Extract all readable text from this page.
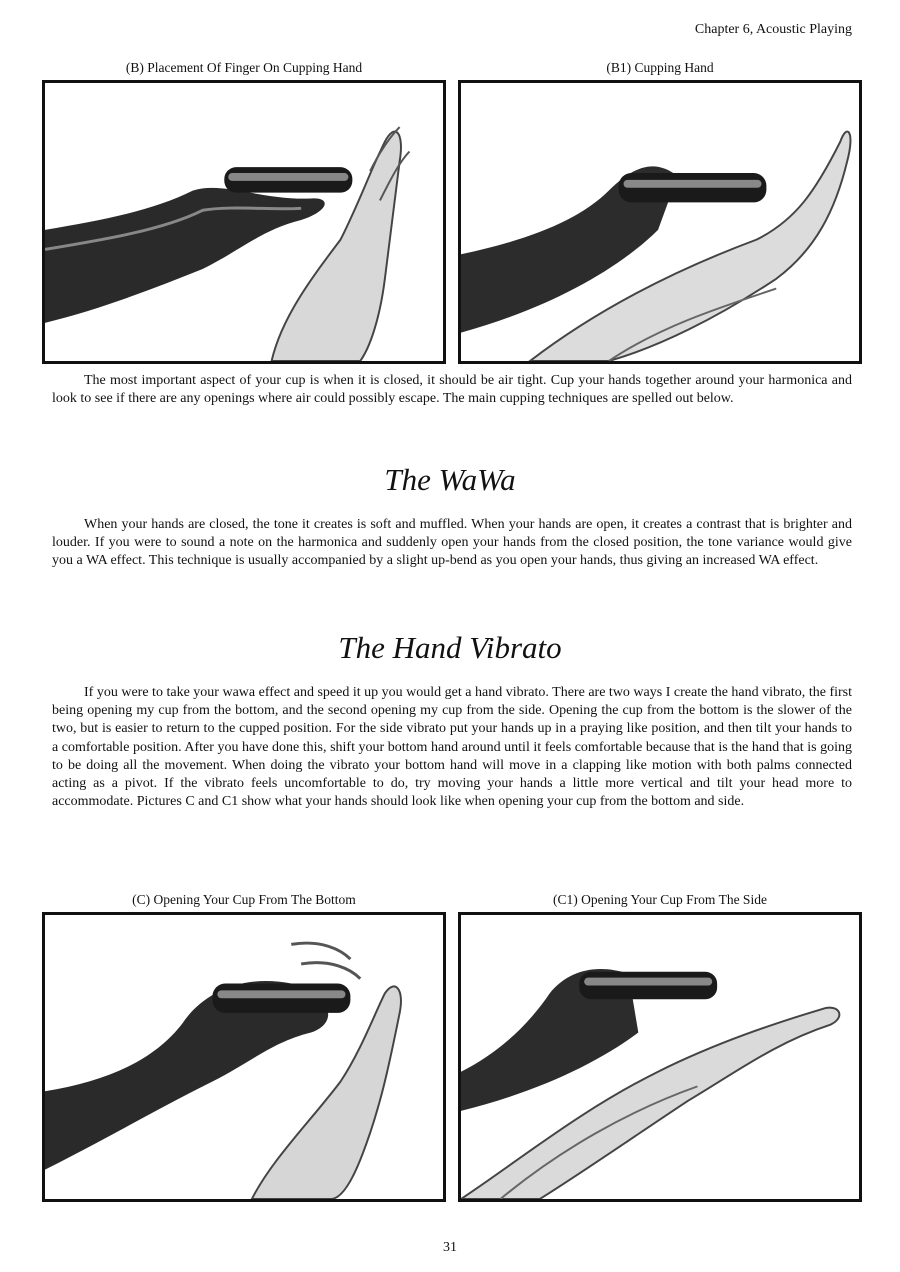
Chapter 6, Acoustic Playing
(B) Placement Of Finger On Cupping Hand	(B1) Cupping Hand

The most important aspect of your cup is when it is closed, it should be air tight. Cup your hands together around your harmonica and look to see if there are any openings where air could possibly escape. The main cupping techniques are spelled out below.

The WaWa

When your hands are closed, the tone it creates is soft and muffled. When your hands are open, it creates a contrast that is brighter and louder. If you were to sound a note on the harmonica and suddenly open your hands from the closed position, the tone variance would give you a WA effect. This technique is usually accompanied by a slight up-bend as you open your hands, thus giving an increased WA effect.

The Hand Vibrato

If you were to take your wawa effect and speed it up you would get a hand vibrato. There are two ways I create the hand vibrato, the first being opening my cup from the bottom, and the second opening my cup from the side. Opening the cup from the bottom is the slower of the two, but is easier to return to the cupped position. For the side vibrato put your hands up in a praying like position, and then tilt your hands to a comfortable position. After you have done this, shift your bottom hand around until it feels comfortable because that is the hand that is going to be doing all the movement. When doing the vibrato your bottom hand will move in a clapping like motion with both palms connected acting as a pivot. If the vibrato feels uncomfortable to do, try moving your hands a little more vertical and tilt your head more to accommodate. Pictures C and C1 show what your hands should look like when opening your cup from the bottom and side.

(C) Opening Your Cup From The Bottom	(C1) Opening Your Cup From The Side
31
